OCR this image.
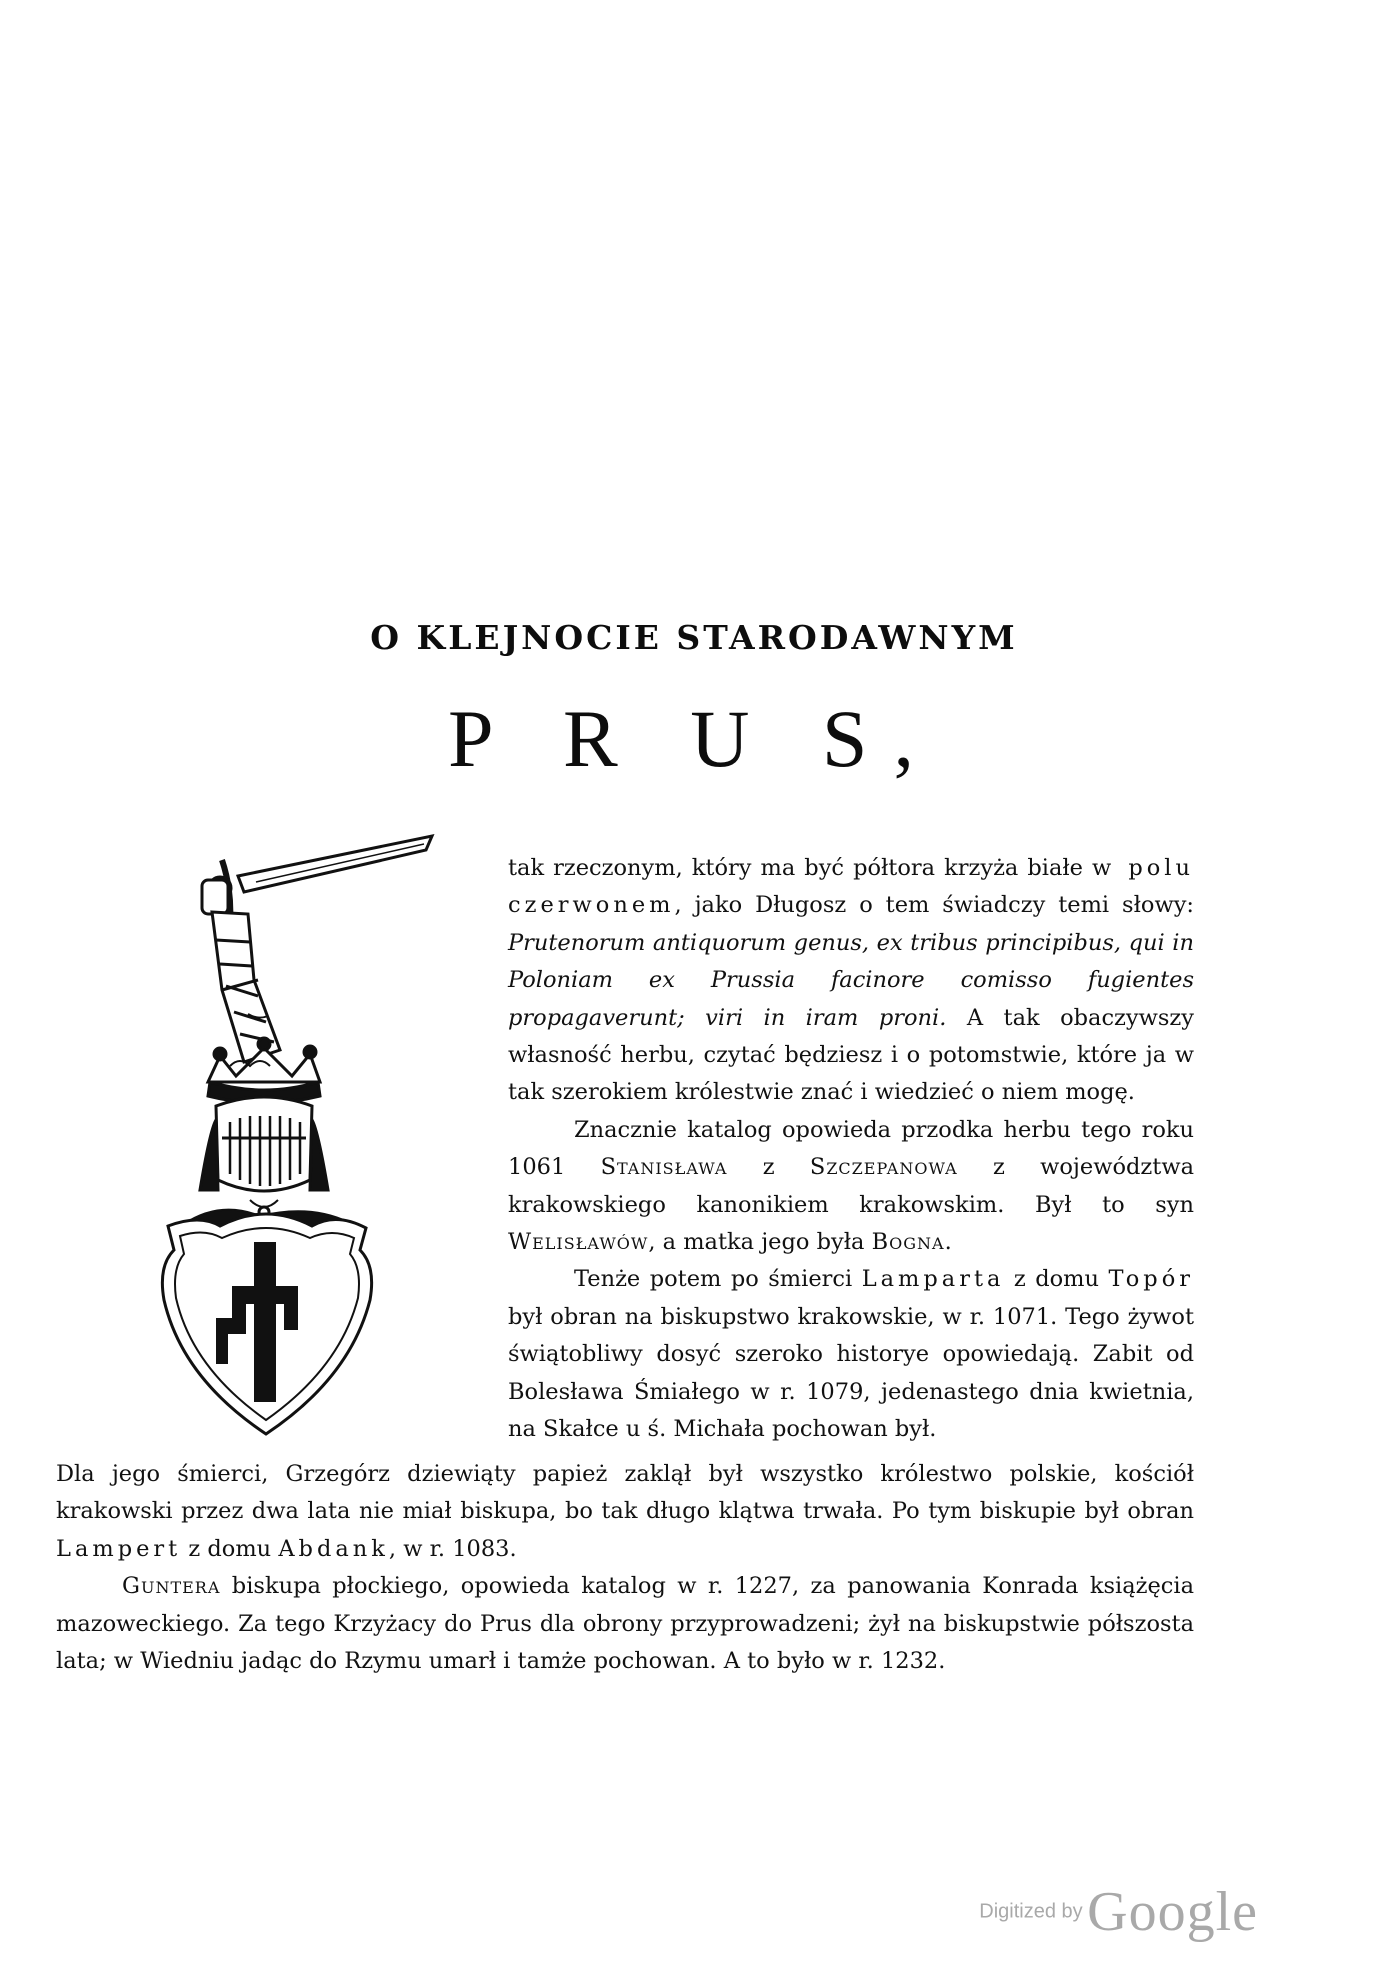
O KLEJNOCIE STARODAWNYM
P R U S,

tak rzeczonym, który ma być półtora krzyża białe w polu czerwonem, jako Długosz o tem świadczy temi słowy: Prutenorum antiquorum genus, ex tribus principibus, qui in Poloniam ex Prussia facinore comisso fugientes propagaverunt; viri in iram proni. A tak obaczywszy własność herbu, czytać będziesz i o potomstwie, które ja w tak szerokiem królestwie znać i wiedzieć o niem mogę.

Znacznie katalog opowieda przodka herbu tego roku 1061 Stanisława z Szczepanowa z województwa krakowskiego kanonikiem krakowskim. Był to syn Welisławów, a matka jego była Bogna.

Tenże potem po śmierci Lamparta z domu Topór był obran na biskupstwo krakowskie, w r. 1071. Tego żywot świątobliwy dosyć szeroko historye opowiedają. Zabit od Bolesława Śmiałego w r. 1079, jedenastego dnia kwietnia, na Skałce u ś. Michała pochowan był.

Dla jego śmierci, Grzegórz dziewiąty papież zaklął był wszystko królestwo polskie, kościół krakowski przez dwa lata nie miał biskupa, bo tak długo klątwa trwała. Po tym biskupie był obran Lampert z domu Abdank, w r. 1083.

Guntera biskupa płockiego, opowieda katalog w r. 1227, za panowania Konrada książęcia mazoweckiego. Za tego Krzyżacy do Prus dla obrony przyprowadzeni; żył na biskupstwie półszosta lata; w Wiedniu jadąc do Rzymu umarł i tamże pochowan. A to było w r. 1232.

Digitized by Google
